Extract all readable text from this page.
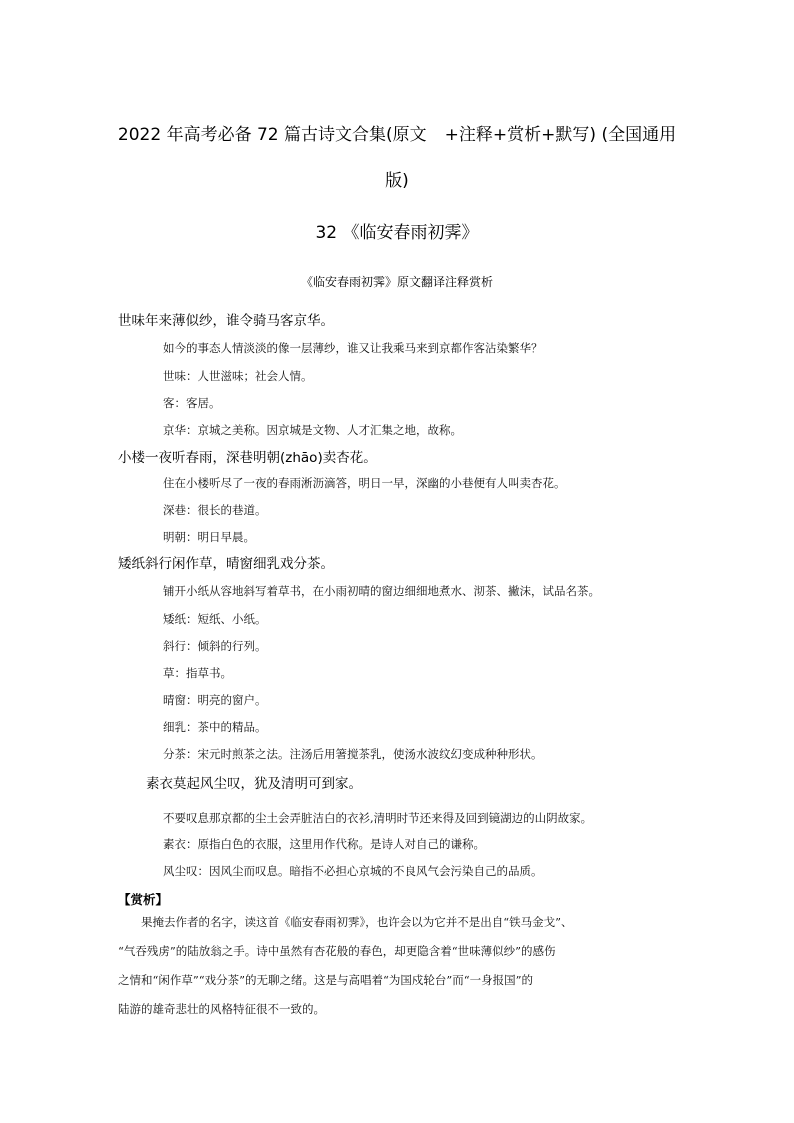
2022 年高考必备 72 篇古诗文合集(原文 +注释+赏析+默写) (全国通用
版)
32 《临安春雨初霁》
《临安春雨初霁》原文翻译注释赏析
世味年来薄似纱，谁令骑马客京华。
如今的事态人情淡淡的像一层薄纱，谁又让我乘马来到京都作客沾染繁华？
世味：人世滋味；社会人情。
客：客居。
京华：京城之美称。因京城是文物、人才汇集之地，故称。
小楼一夜听春雨，深巷明朝(zhāo)卖杏花。
住在小楼听尽了一夜的春雨淅沥滴答，明日一早，深幽的小巷便有人叫卖杏花。
深巷：很长的巷道。
明朝：明日早晨。
矮纸斜行闲作草，晴窗细乳戏分茶。
铺开小纸从容地斜写着草书，在小雨初晴的窗边细细地煮水、沏茶、撇沫，试品名茶。
矮纸：短纸、小纸。
斜行：倾斜的行列。
草：指草书。
晴窗：明亮的窗户。
细乳：茶中的精品。
分茶：宋元时煎茶之法。注汤后用箸搅茶乳，使汤水波纹幻变成种种形状。
素衣莫起风尘叹，犹及清明可到家。
不要叹息那京都的尘土会弄脏洁白的衣衫,清明时节还来得及回到镜湖边的山阴故家。
素衣：原指白色的衣服，这里用作代称。是诗人对自己的谦称。
风尘叹：因风尘而叹息。暗指不必担心京城的不良风气会污染自己的品质。
【赏析】
　　果掩去作者的名字，读这首《临安春雨初霁》，也许会以为它并不是出自“铁马金戈”、
“气吞残虏”的陆放翁之手。诗中虽然有杏花般的春色，却更隐含着“世味薄似纱”的感伤
之情和“闲作草”“戏分茶”的无聊之绪。这是与高唱着“为国戍轮台”而“一身报国”的
陆游的雄奇悲壮的风格特征很不一致的。
